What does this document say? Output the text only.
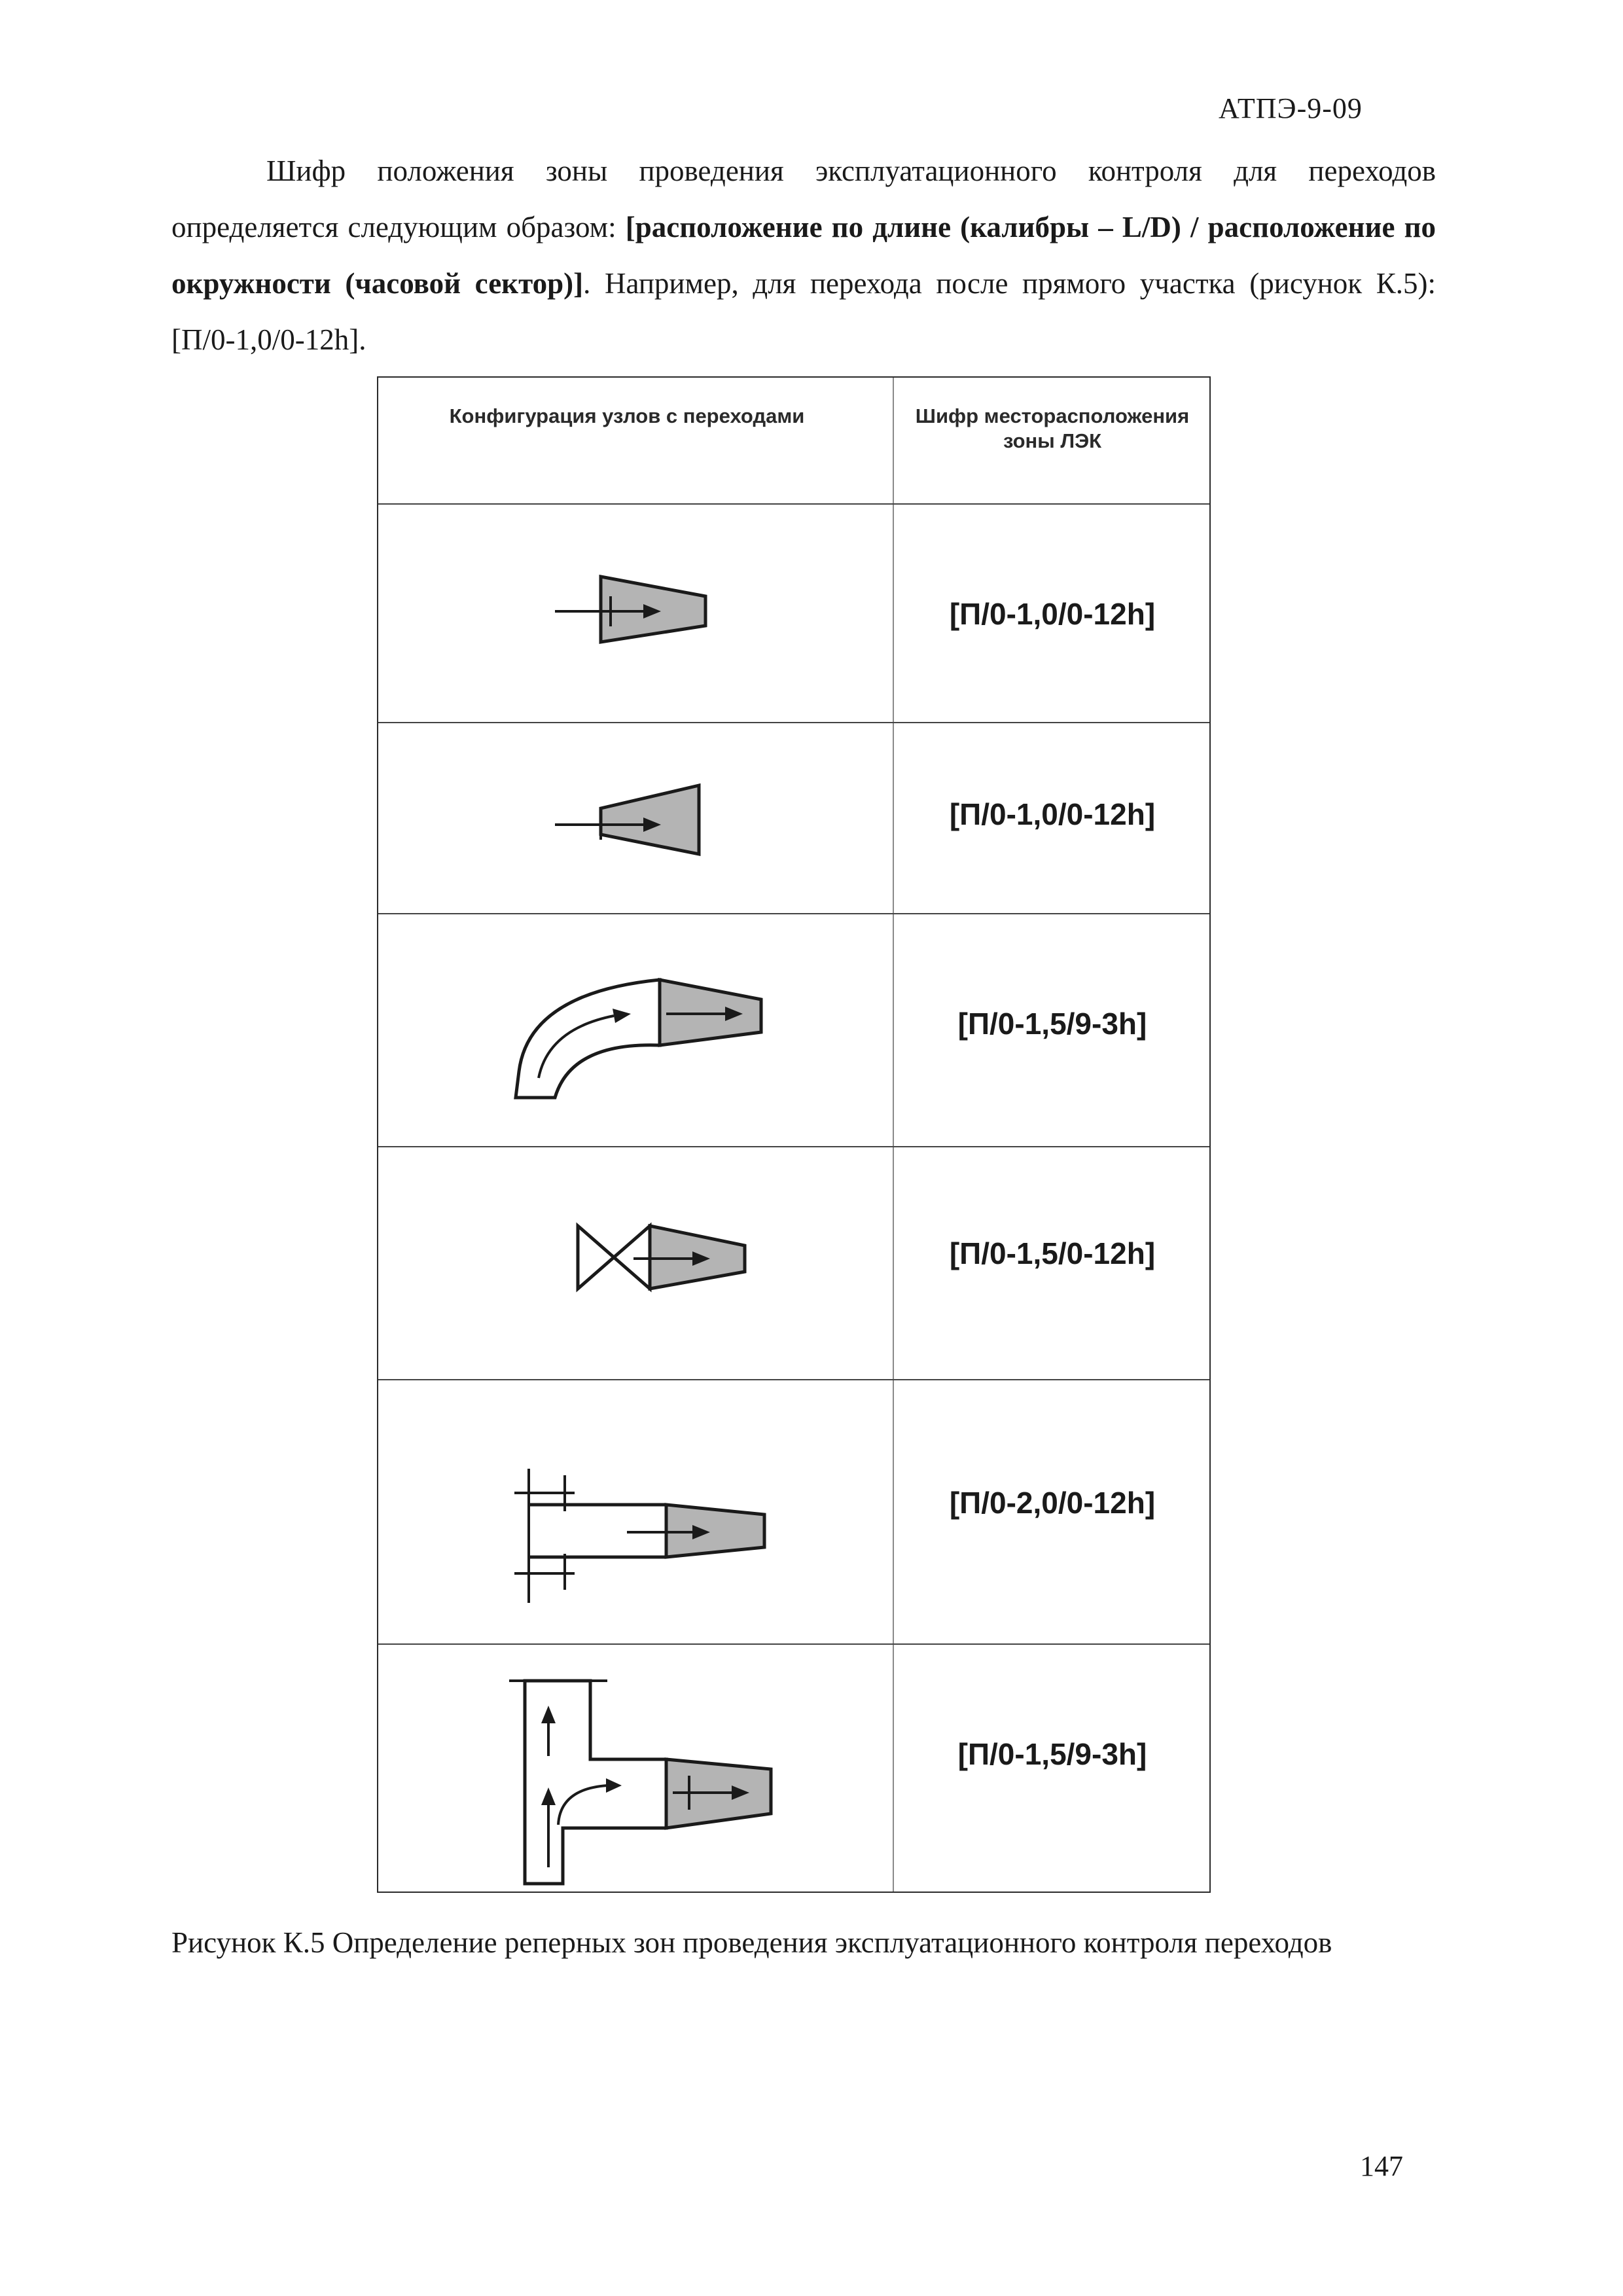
АТПЭ-9-09

Шифр положения зоны проведения эксплуатационного контроля для переходов определяется следующим образом: [расположение по длине (калибры – L/D) / расположение по окружности (часовой сектор)]. Например, для перехода после прямого участка (рисунок К.5): [П/0-1,0/0-12h].

Конфигурация узлов с переходами	Шифр месторасположения зоны ЛЭК
[П/0-1,0/0-12h]
[П/0-1,0/0-12h]
[П/0-1,5/9-3h]
[П/0-1,5/0-12h]
[П/0-2,0/0-12h]
[П/0-1,5/9-3h]
Рисунок К.5 Определение реперных зон проведения эксплуатационного контроля переходов
147
